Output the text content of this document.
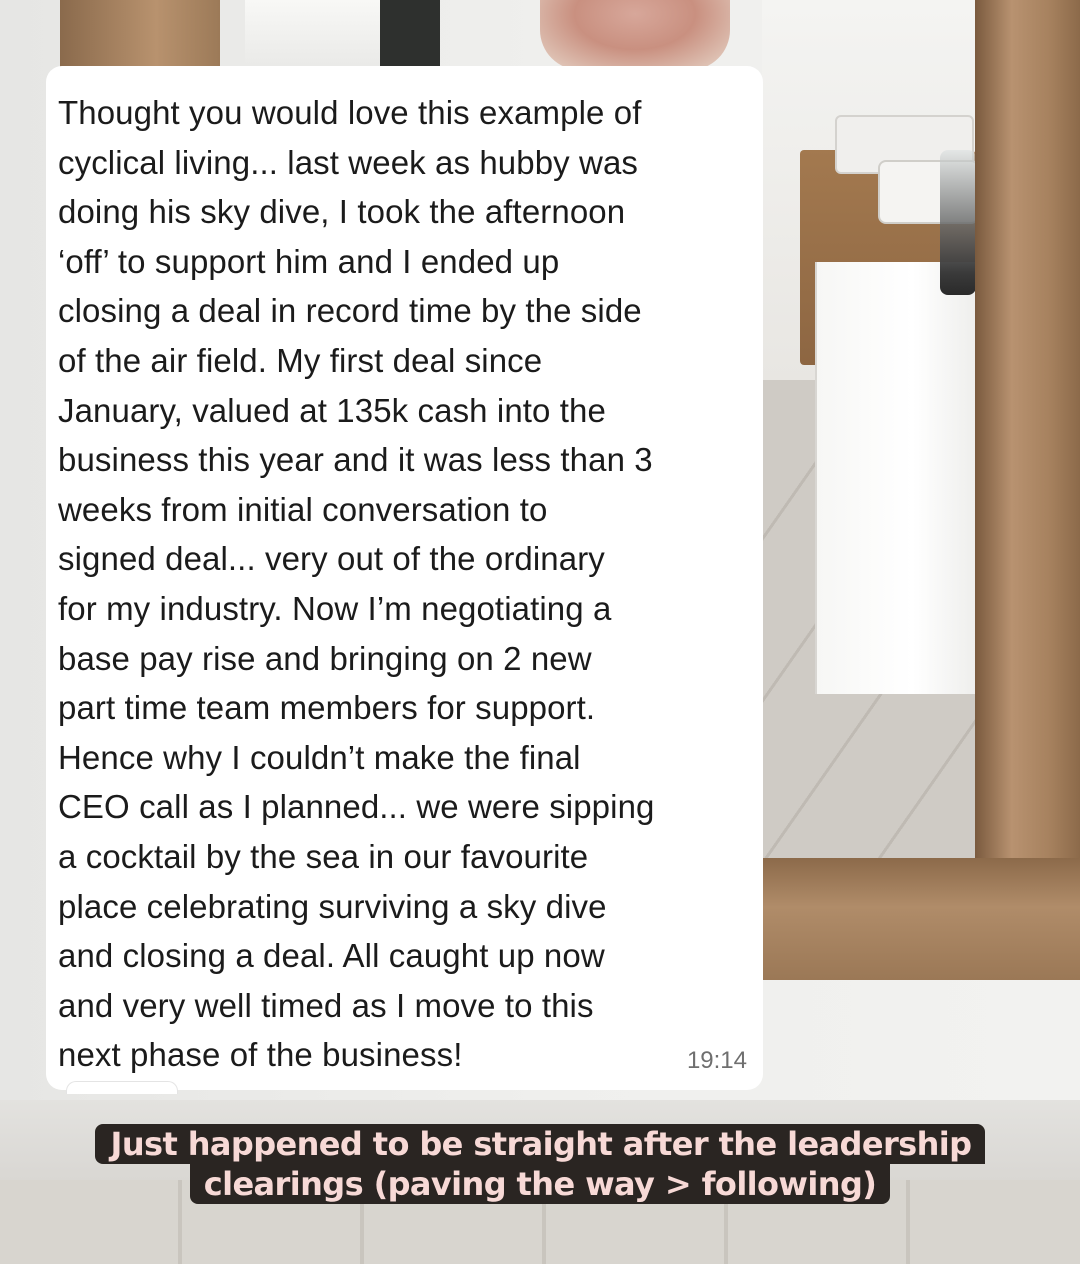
Thought you would love this example of
cyclical living... last week as hubby was
doing his sky dive, I took the afternoon
‘off’ to support him and I ended up
closing a deal in record time by the side
of the air field. My first deal since
January, valued at 135k cash into the
business this year and it was less than 3
weeks from initial conversation to
signed deal... very out of the ordinary
for my industry. Now I’m negotiating a
base pay rise and bringing on 2 new
part time team members for support.
Hence why I couldn’t make the final
CEO call as I planned... we were sipping
a cocktail by the sea in our favourite
place celebrating surviving a sky dive
and closing a deal. All caught up now
and very well timed as I move to this
next phase of the business!	19:14
Just happened to be straight after the leadership
clearings (paving the way > following)
